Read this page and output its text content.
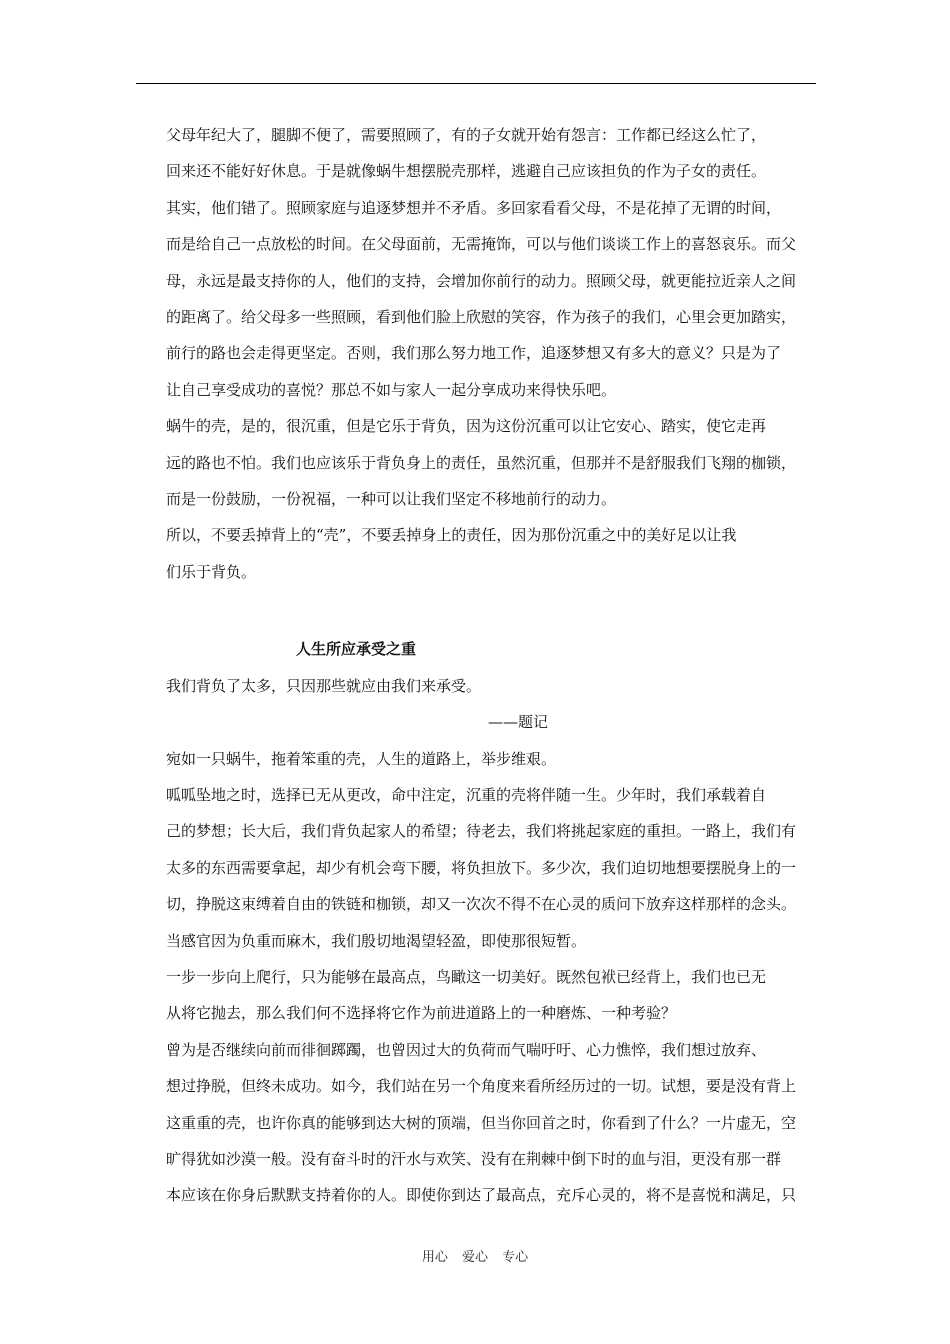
父母年纪大了，腿脚不便了，需要照顾了，有的子女就开始有怨言：工作都已经这么忙了，
回来还不能好好休息。于是就像蜗牛想摆脱壳那样，逃避自己应该担负的作为子女的责任。

其实，他们错了。照顾家庭与追逐梦想并不矛盾。多回家看看父母，不是花掉了无谓的时间，
而是给自己一点放松的时间。在父母面前，无需掩饰，可以与他们谈谈工作上的喜怒哀乐。而父
母，永远是最支持你的人，他们的支持，会增加你前行的动力。照顾父母，就更能拉近亲人之间
的距离了。给父母多一些照顾，看到他们脸上欣慰的笑容，作为孩子的我们，心里会更加踏实，
前行的路也会走得更坚定。否则，我们那么努力地工作，追逐梦想又有多大的意义？只是为了
让自己享受成功的喜悦？那总不如与家人一起分享成功来得快乐吧。

蜗牛的壳，是的，很沉重，但是它乐于背负，因为这份沉重可以让它安心、踏实，使它走再
远的路也不怕。我们也应该乐于背负身上的责任，虽然沉重，但那并不是舒服我们飞翔的枷锁，
而是一份鼓励，一份祝福，一种可以让我们坚定不移地前行的动力。

所以，不要丢掉背上的“壳”，不要丢掉身上的责任，因为那份沉重之中的美好足以让我
们乐于背负。

人生所应承受之重

我们背负了太多，只因那些就应由我们来承受。

——题记

宛如一只蜗牛，拖着笨重的壳，人生的道路上，举步维艰。

呱呱坠地之时，选择已无从更改，命中注定，沉重的壳将伴随一生。少年时，我们承载着自
己的梦想；长大后，我们背负起家人的希望；待老去，我们将挑起家庭的重担。一路上，我们有
太多的东西需要拿起，却少有机会弯下腰，将负担放下。多少次，我们迫切地想要摆脱身上的一
切，挣脱这束缚着自由的铁链和枷锁，却又一次次不得不在心灵的质问下放弃这样那样的念头。
当感官因为负重而麻木，我们殷切地渴望轻盈，即使那很短暂。

一步一步向上爬行，只为能够在最高点，鸟瞰这一切美好。既然包袱已经背上，我们也已无
从将它抛去，那么我们何不选择将它作为前进道路上的一种磨炼、一种考验？

曾为是否继续向前而徘徊踯躅，也曾因过大的负荷而气喘吁吁、心力憔悴，我们想过放弃、
想过挣脱，但终未成功。如今，我们站在另一个角度来看所经历过的一切。试想，要是没有背上
这重重的壳，也许你真的能够到达大树的顶端，但当你回首之时，你看到了什么？一片虚无，空
旷得犹如沙漠一般。没有奋斗时的汗水与欢笑、没有在荆棘中倒下时的血与泪，更没有那一群
本应该在你身后默默支持着你的人。即使你到达了最高点，充斥心灵的，将不是喜悦和满足，只

用心 爱心 专心
